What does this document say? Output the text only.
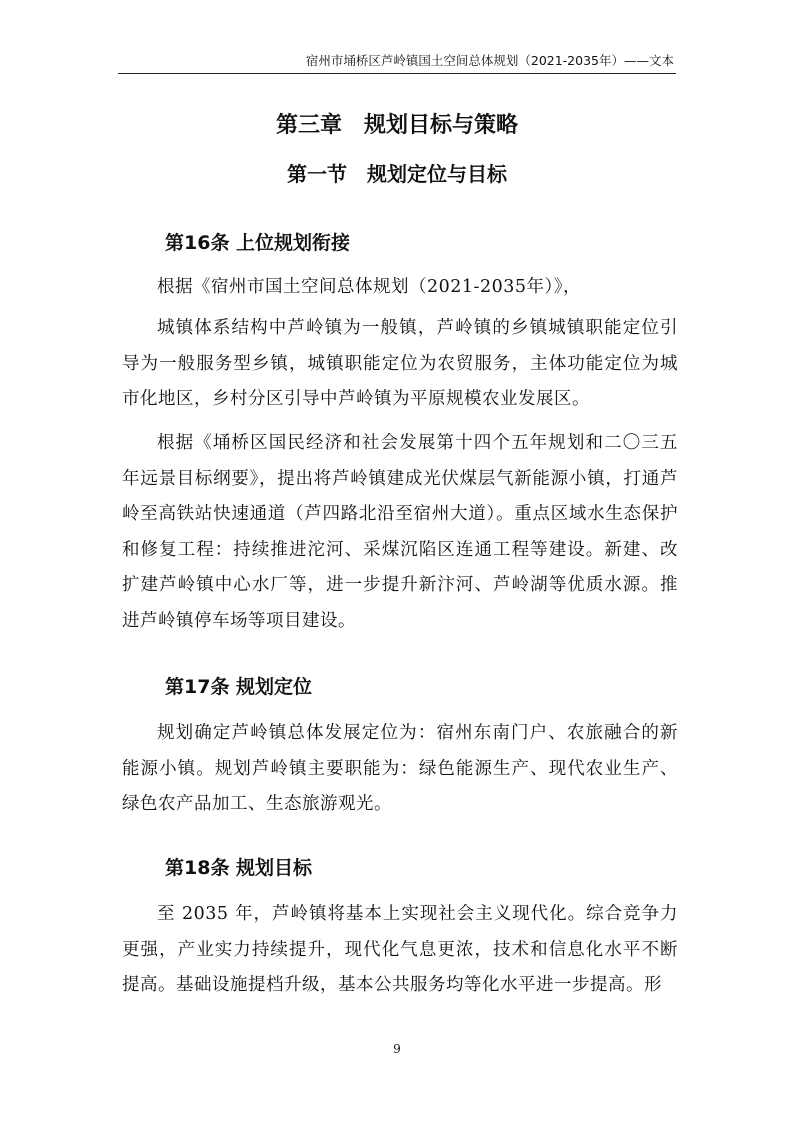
宿州市埇桥区芦岭镇国土空间总体规划（2021-2035年）——文本
第三章　规划目标与策略
第一节　规划定位与目标
第16条 上位规划衔接
根据《宿州市国土空间总体规划（2021-2035年）》，
城镇体系结构中芦岭镇为一般镇，芦岭镇的乡镇城镇职能定位引导为一般服务型乡镇，城镇职能定位为农贸服务，主体功能定位为城市化地区，乡村分区引导中芦岭镇为平原规模农业发展区。
根据《埇桥区国民经济和社会发展第十四个五年规划和二〇三五年远景目标纲要》，提出将芦岭镇建成光伏煤层气新能源小镇，打通芦岭至高铁站快速通道（芦四路北沿至宿州大道）。重点区域水生态保护和修复工程：持续推进沱河、采煤沉陷区连通工程等建设。新建、改扩建芦岭镇中心水厂等，进一步提升新汴河、芦岭湖等优质水源。推进芦岭镇停车场等项目建设。
第17条 规划定位
规划确定芦岭镇总体发展定位为：宿州东南门户、农旅融合的新能源小镇。规划芦岭镇主要职能为：绿色能源生产、现代农业生产、绿色农产品加工、生态旅游观光。
第18条 规划目标
至 2035 年，芦岭镇将基本上实现社会主义现代化。综合竞争力更强，产业实力持续提升，现代化气息更浓，技术和信息化水平不断提高。基础设施提档升级，基本公共服务均等化水平进一步提高。形
9
